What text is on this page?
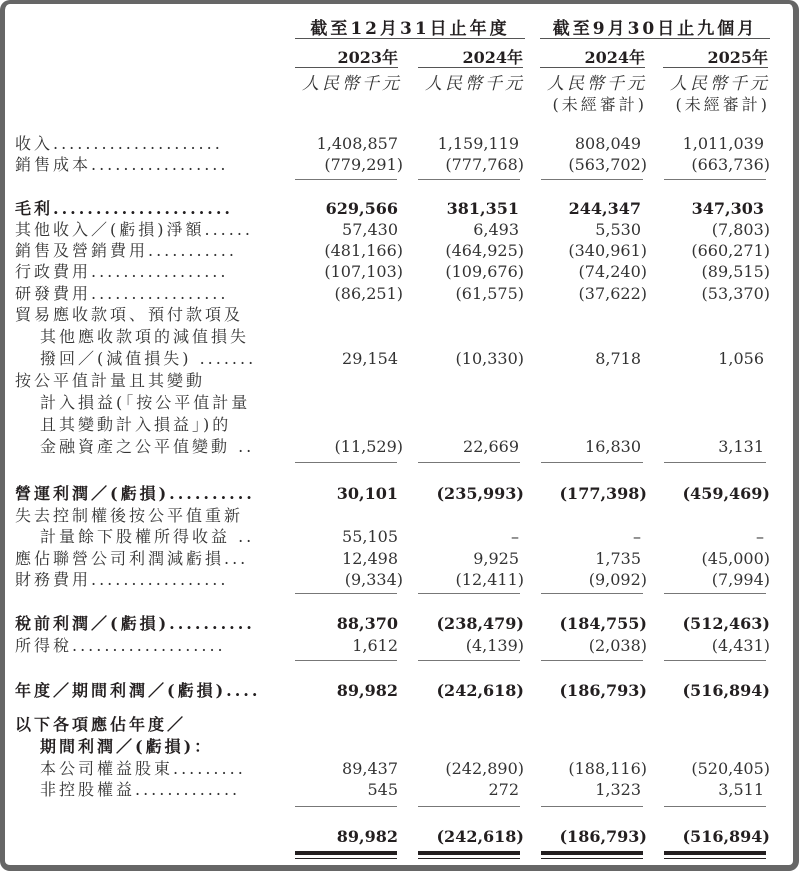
截至12月31日止年度	截至9月30日止九個月
2023年	2024年	2024年	2025年
人民幣千元	人民幣千元	人民幣千元	人民幣千元
(未經審計)	(未經審計)
收入.....................	1,408,857	1,159,119	808,049	1,011,039
銷售成本.................	(779,291)	(777,768)	(563,702)	(663,736)
毛利.....................	629,566	381,351	244,347	347,303
其他收入／(虧損)淨額......	57,430	6,493	5,530	(7,803)
銷售及營銷費用...........	(481,166)	(464,925)	(340,961)	(660,271)
行政費用.................	(107,103)	(109,676)	(74,240)	(89,515)
研發費用.................	(86,251)	(61,575)	(37,622)	(53,370)
貿易應收款項、預付款項及
其他應收款項的減值損失
撥回／(減值損失) .......	29,154	(10,330)	8,718	1,056
按公平值計量且其變動
計入損益(「按公平值計量
且其變動計入損益」)的
金融資產之公平值變動 ..	(11,529)	22,669	16,830	3,131
營運利潤／(虧損)..........	30,101	(235,993)	(177,398)	(459,469)
失去控制權後按公平值重新
計量餘下股權所得收益 ..	55,105	–	–	–
應佔聯營公司利潤減虧損...	12,498	9,925	1,735	(45,000)
財務費用.................	(9,334)	(12,411)	(9,092)	(7,994)
稅前利潤／(虧損)..........	88,370	(238,479)	(184,755)	(512,463)
所得稅...................	1,612	(4,139)	(2,038)	(4,431)
年度／期間利潤／(虧損)....	89,982	(242,618)	(186,793)	(516,894)
以下各項應佔年度／
期間利潤／(虧損)：
本公司權益股東.........	89,437	(242,890)	(188,116)	(520,405)
非控股權益.............	545	272	1,323	3,511
89,982	(242,618)	(186,793)	(516,894)
